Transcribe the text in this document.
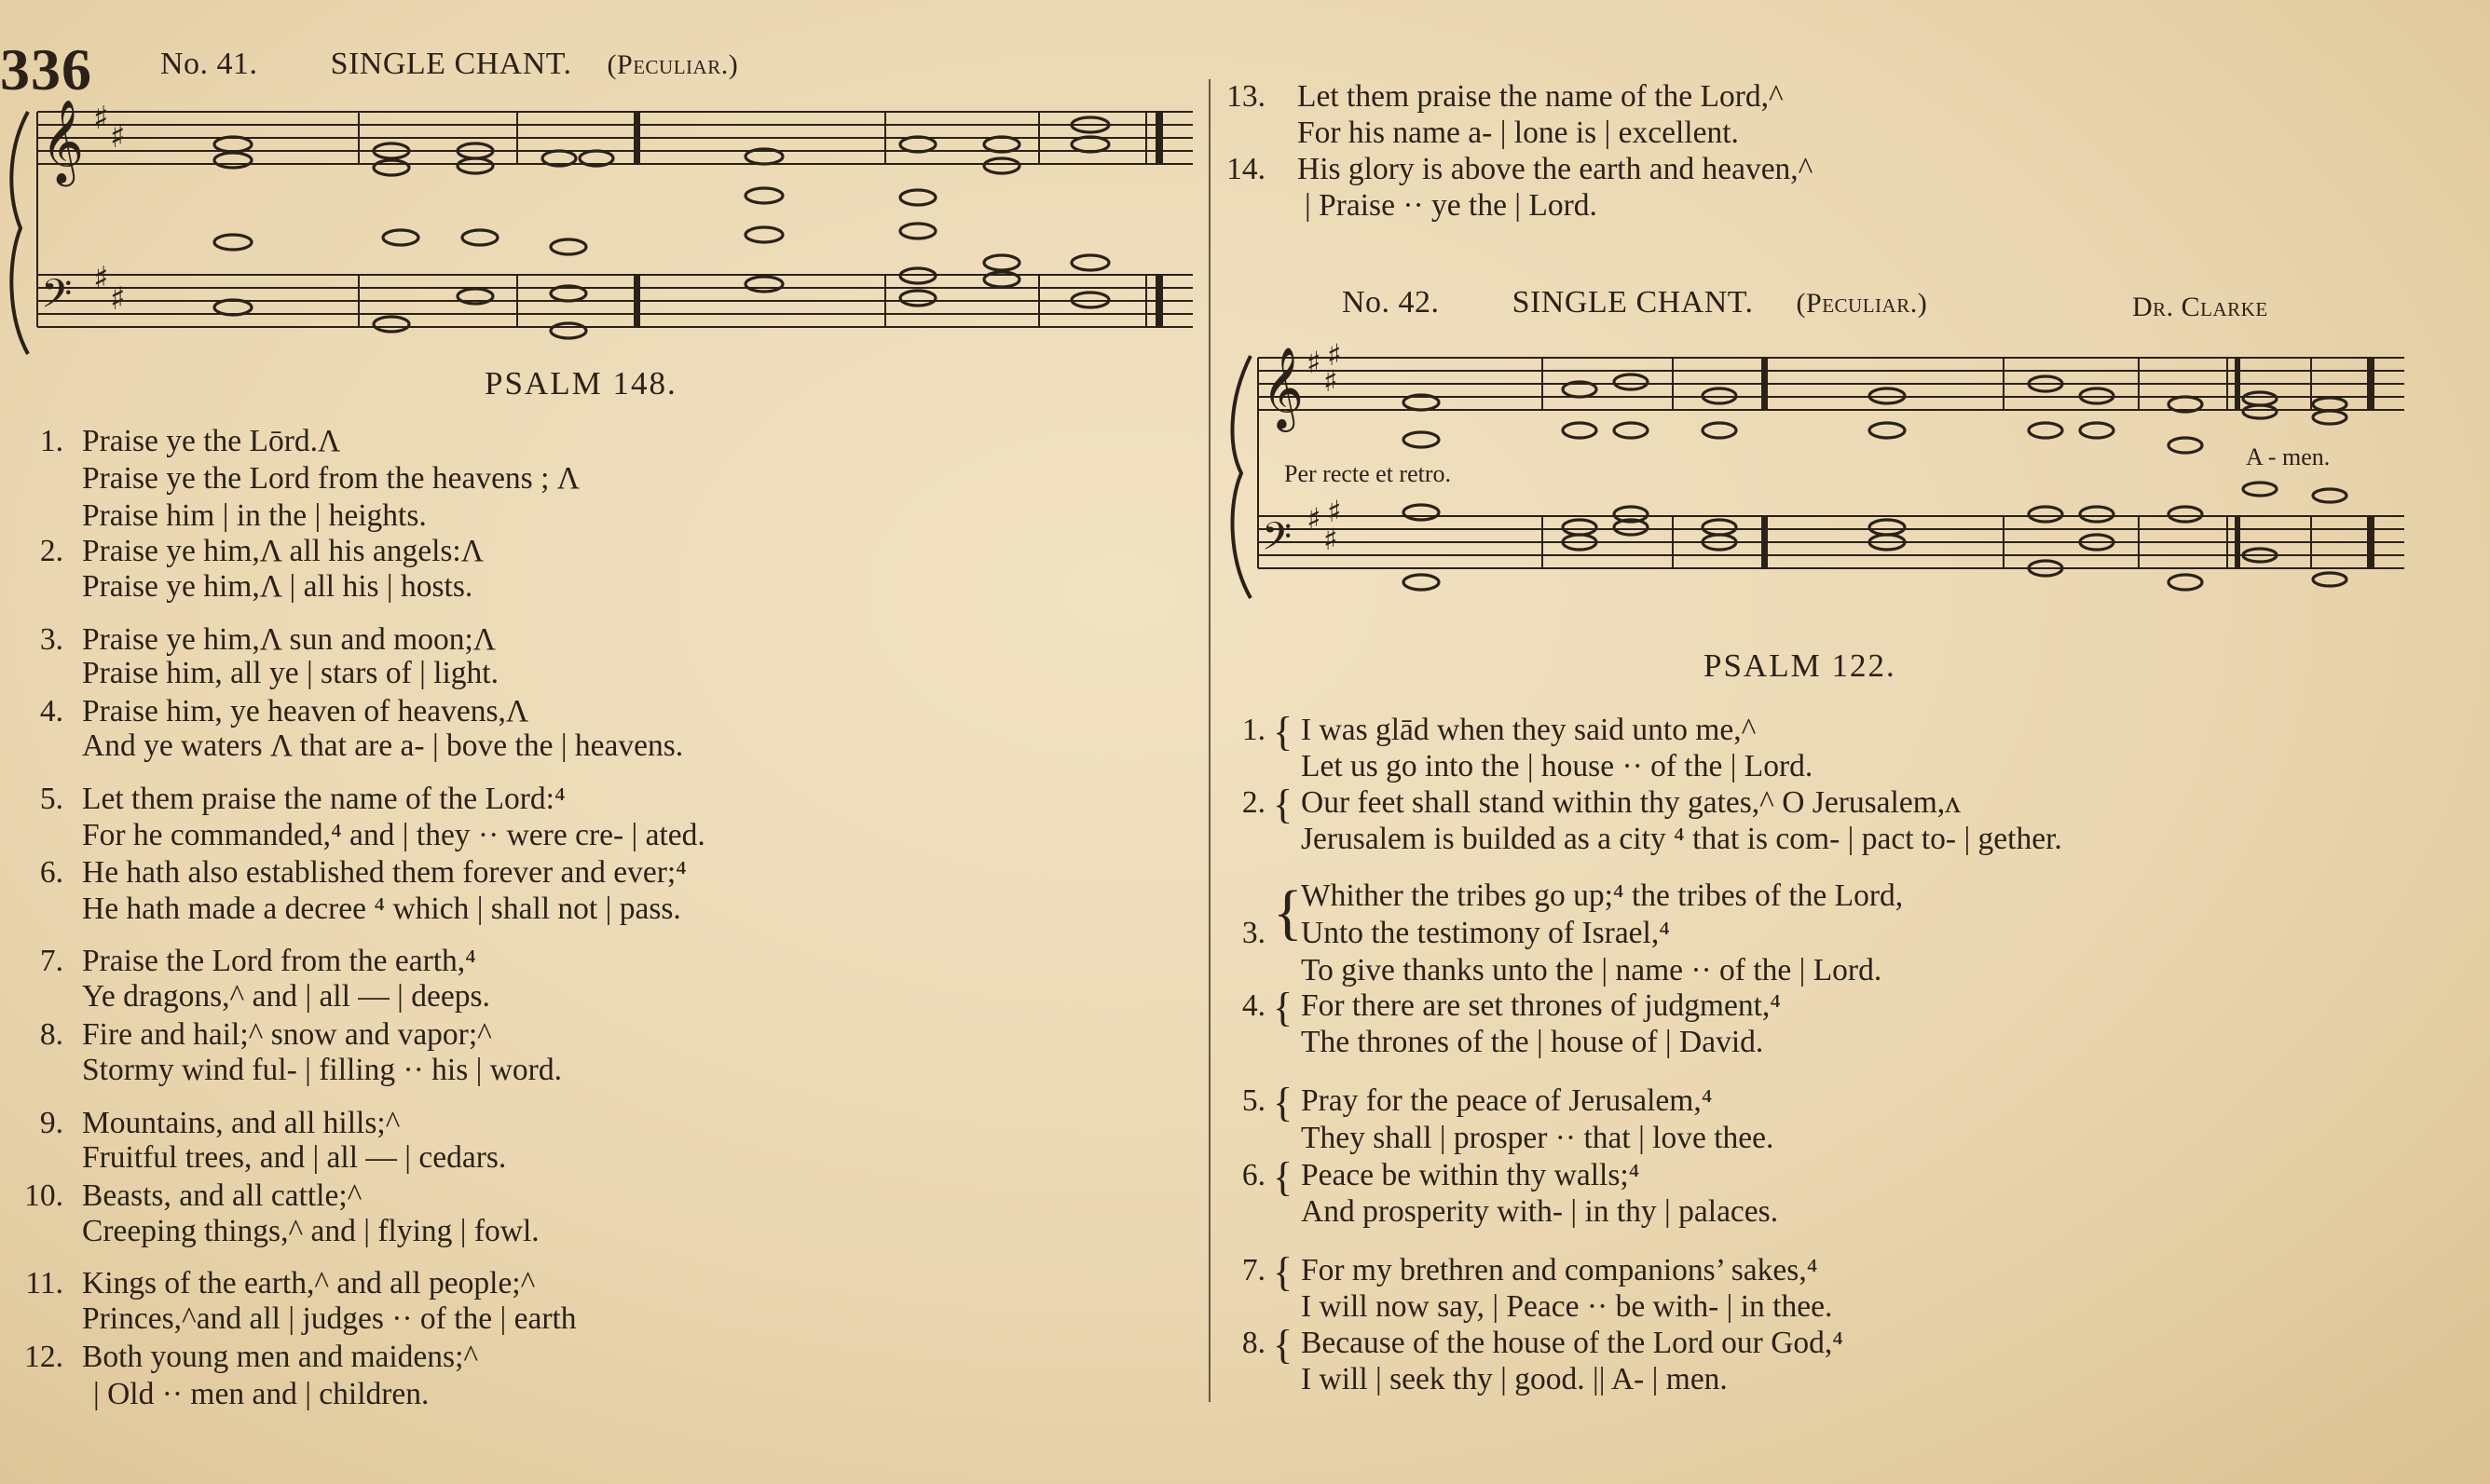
336 No. 41. SINGLE CHANT. (Peculiar.)
𝄞
𝄢
♯ ♯
♯
♯
PSALM 148.
1. Praise ye the Lōrd.Λ
Praise ye the Lord from the heavens ; Λ
Praise him | in the | heights.
2. Praise ye him,Λ all his angels:Λ
Praise ye him,Λ | all his | hosts.
3. Praise ye him,Λ sun and moon;Λ
Praise him, all ye | stars of | light.
4. Praise him, ye heaven of heavens,Λ
And ye waters Λ that are a- | bove the | heavens.
5. Let them praise the name of the Lord:⁴
For he commanded,⁴ and | they ·· were cre- | ated.
6. He hath also established them forever and ever;⁴
He hath made a decree ⁴ which | shall not | pass.
7. Praise the Lord from the earth,⁴
Ye dragons,^ and | all — | deeps.
8. Fire and hail;^ snow and vapor;^
Stormy wind ful- | filling ·· his | word.
9. Mountains, and all hills;^
Fruitful trees, and | all — | cedars.
10. Beasts, and all cattle;^
Creeping things,^ and | flying | fowl.
11. Kings of the earth,^ and all people;^
Princes,^and all | judges ·· of the | earth
12. Both young men and maidens;^
| Old ·· men and | children.
13. Let them praise the name of the Lord,^
For his name a- | lone is | excellent.
14. His glory is above the earth and heaven,^
| Praise ·· ye the | Lord.
No. 42. SINGLE CHANT. (Peculiar.)	Dr. Clarke
𝄞
𝄢
♯ ♯
♯
♯ ♯
♯
Per recte et retro.
A - men.
PSALM 122.
1. { I was glād when they said unto me,^
Let us go into the | house ·· of the | Lord.
2. { Our feet shall stand within thy gates,^ O Jerusalem,ʌ
Jerusalem is builded as a city ⁴ that is com- | pact to- | gether.
3. {
Whither the tribes go up;⁴ the tribes of the Lord,
Unto the testimony of Israel,⁴
To give thanks unto the | name ·· of the | Lord.
4. { For there are set thrones of judgment,⁴
The thrones of the | house of | David.
5. { Pray for the peace of Jerusalem,⁴
They shall | prosper ·· that | love thee.
6. { Peace be within thy walls;⁴
And prosperity with- | in thy | palaces.
7. { For my brethren and companions’ sakes,⁴
I will now say, | Peace ·· be with- | in thee.
8. { Because of the house of the Lord our God,⁴
I will | seek thy | good. || A- | men.
